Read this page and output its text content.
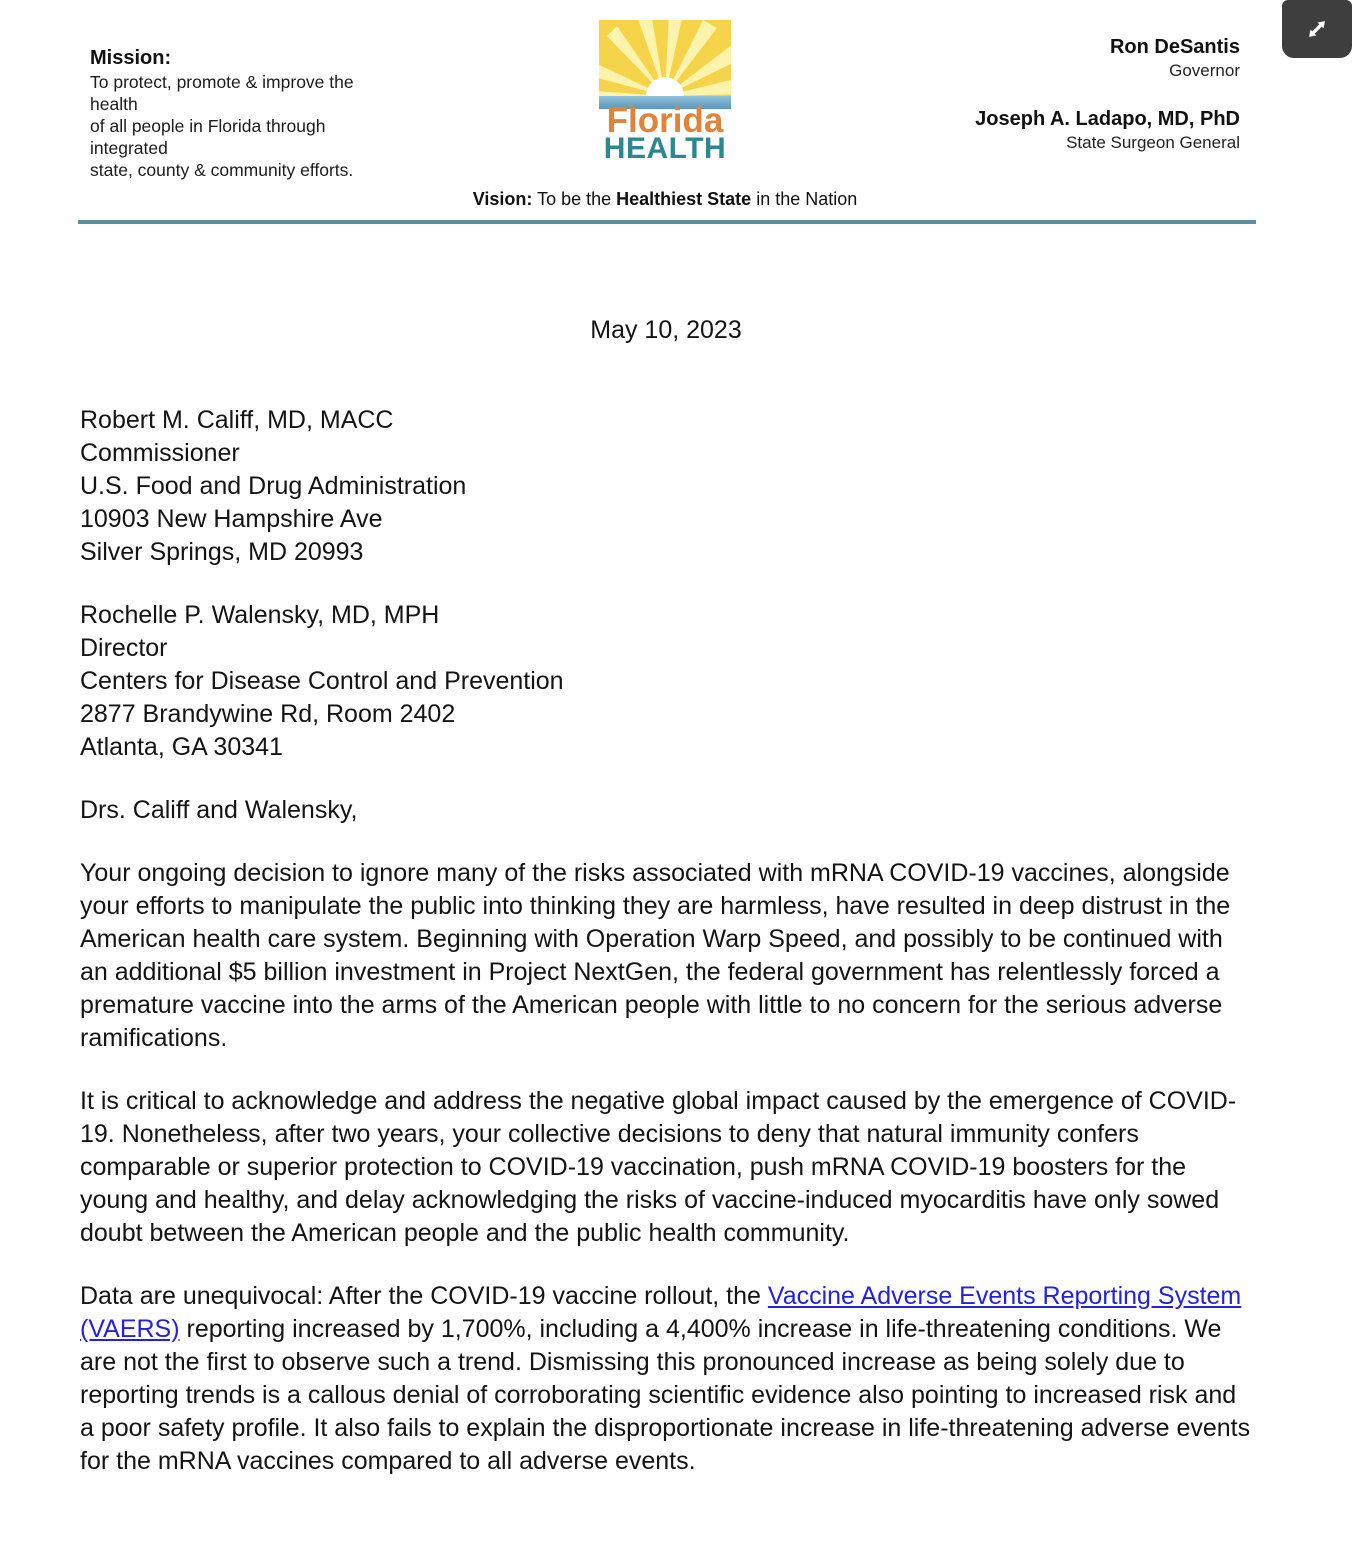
Mission:
To protect, promote & improve the health
of all people in Florida through integrated
state, county & community efforts.
Florida
HEALTH
Vision: To be the Healthiest State in the Nation
Ron DeSantis
Governor
Joseph A. Ladapo, MD, PhD
State Surgeon General
May 10, 2023
Robert M. Califf, MD, MACC
Commissioner
U.S. Food and Drug Administration
10903 New Hampshire Ave
Silver Springs, MD 20993
Rochelle P. Walensky, MD, MPH
Director
Centers for Disease Control and Prevention
2877 Brandywine Rd, Room 2402
Atlanta, GA 30341
Drs. Califf and Walensky,

Your ongoing decision to ignore many of the risks associated with mRNA COVID-19 vaccines, alongside your efforts to manipulate the public into thinking they are harmless, have resulted in deep distrust in the American health care system. Beginning with Operation Warp Speed, and possibly to be continued with an additional $5 billion investment in Project NextGen, the federal government has relentlessly forced a premature vaccine into the arms of the American people with little to no concern for the serious adverse ramifications.

It is critical to acknowledge and address the negative global impact caused by the emergence of COVID-19. Nonetheless, after two years, your collective decisions to deny that natural immunity confers comparable or superior protection to COVID-19 vaccination, push mRNA COVID-19 boosters for the young and healthy, and delay acknowledging the risks of vaccine-induced myocarditis have only sowed doubt between the American people and the public health community.

Data are unequivocal: After the COVID-19 vaccine rollout, the Vaccine Adverse Events Reporting System (VAERS) reporting increased by 1,700%, including a 4,400% increase in life-threatening conditions. We are not the first to observe such a trend. Dismissing this pronounced increase as being solely due to reporting trends is a callous denial of corroborating scientific evidence also pointing to increased risk and a poor safety profile. It also fails to explain the disproportionate increase in life-threatening adverse events for the mRNA vaccines compared to all adverse events.
